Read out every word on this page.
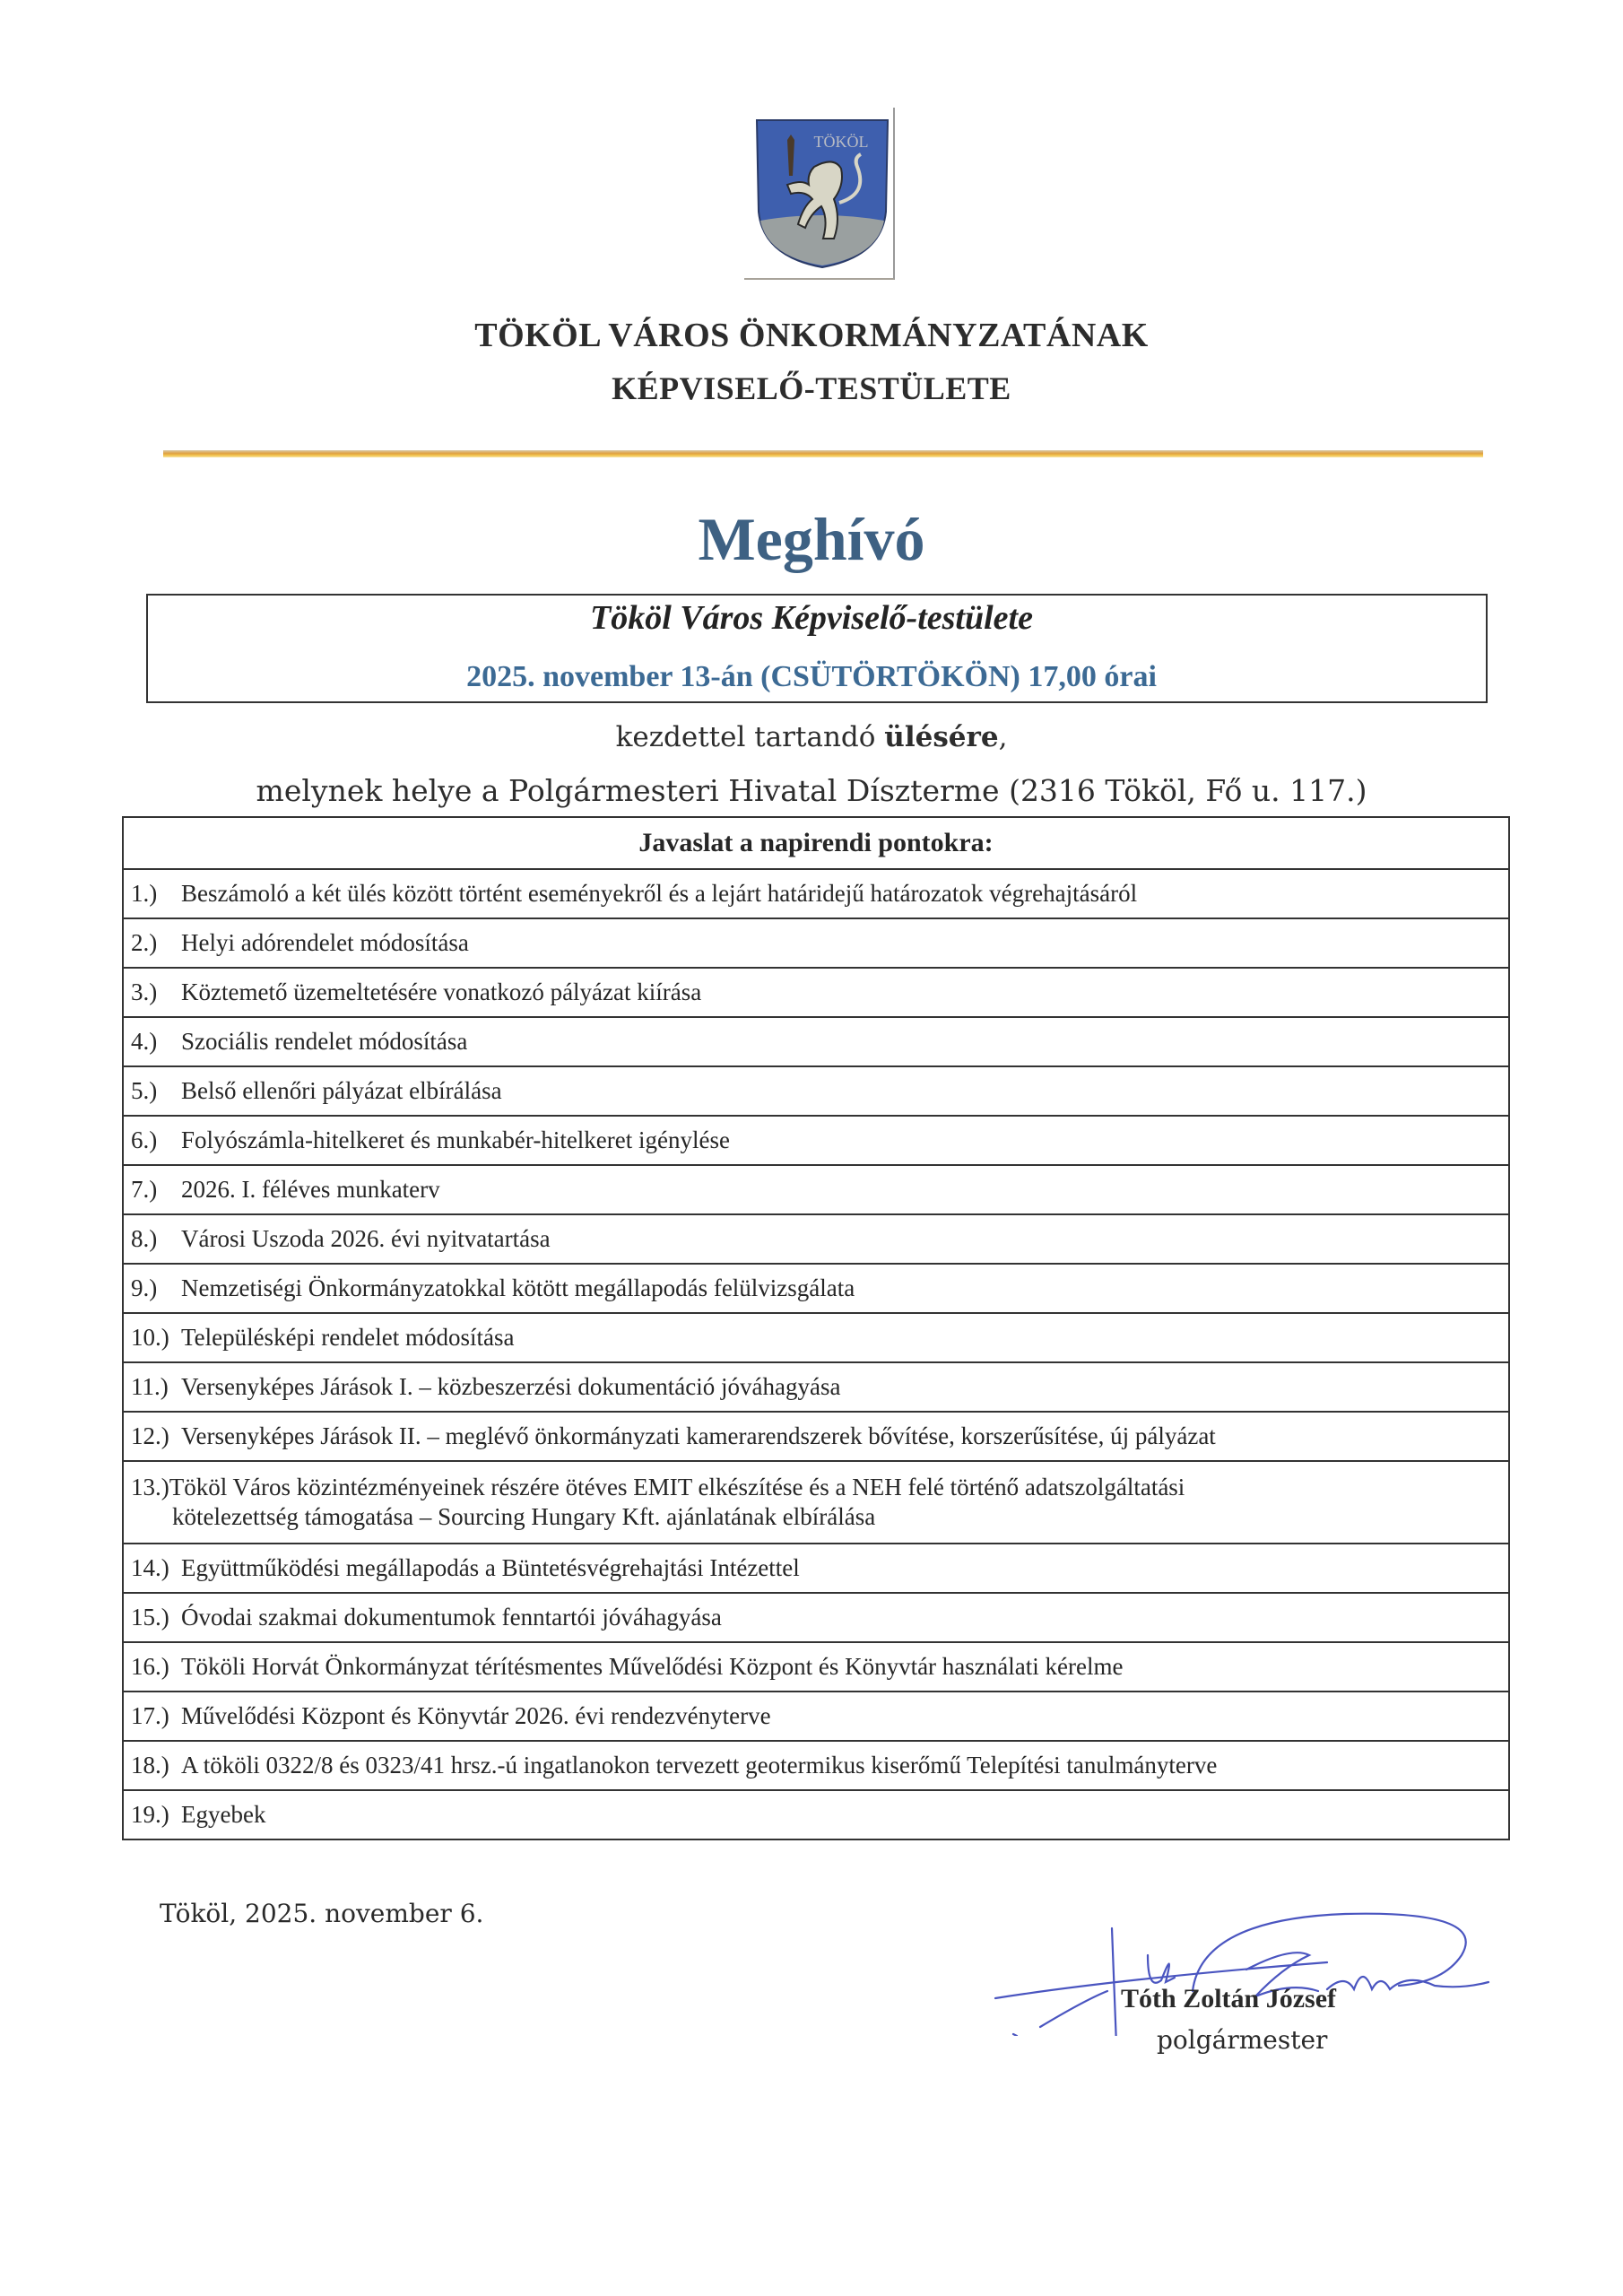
TÖKÖL
TÖKÖL VÁROS ÖNKORMÁNYZATÁNAK
KÉPVISELŐ-TESTÜLETE
Meghívó
Tököl Város Képviselő-testülete
2025. november 13-án (CSÜTÖRTÖKÖN) 17,00 órai
kezdettel tartandó ülésére,
melynek helye a Polgármesteri Hivatal Díszterme (2316 Tököl, Fő u. 117.)
Javaslat a napirendi pontokra:
1.) Beszámoló a két ülés között történt eseményekről és a lejárt határidejű határozatok végrehajtásáról
2.) Helyi adórendelet módosítása
3.) Köztemető üzemeltetésére vonatkozó pályázat kiírása
4.) Szociális rendelet módosítása
5.) Belső ellenőri pályázat elbírálása
6.) Folyószámla-hitelkeret és munkabér-hitelkeret igénylése
7.) 2026. I. féléves munkaterv
8.) Városi Uszoda 2026. évi nyitvatartása
9.) Nemzetiségi Önkormányzatokkal kötött megállapodás felülvizsgálata
10.) Településképi rendelet módosítása
11.) Versenyképes Járások I. – közbeszerzési dokumentáció jóváhagyása
12.) Versenyképes Járások II. – meglévő önkormányzati kamerarendszerek bővítése, korszerűsítése, új pályázat
13.)Tököl Város közintézményeinek részére ötéves EMIT elkészítése és a NEH felé történő adatszolgáltatási
kötelezettség támogatása – Sourcing Hungary Kft. ajánlatának elbírálása

14.) Együttműködési megállapodás a Büntetésvégrehajtási Intézettel
15.) Óvodai szakmai dokumentumok fenntartói jóváhagyása
16.) Tököli Horvát Önkormányzat térítésmentes Művelődési Központ és Könyvtár használati kérelme
17.) Művelődési Központ és Könyvtár 2026. évi rendezvényterve
18.) A tököli 0322/8 és 0323/41 hrsz.-ú ingatlanokon tervezett geotermikus kiserőmű Telepítési tanulmányterve
19.) Egyebek
Tököl, 2025. november 6.
Tóth Zoltán József
polgármester
